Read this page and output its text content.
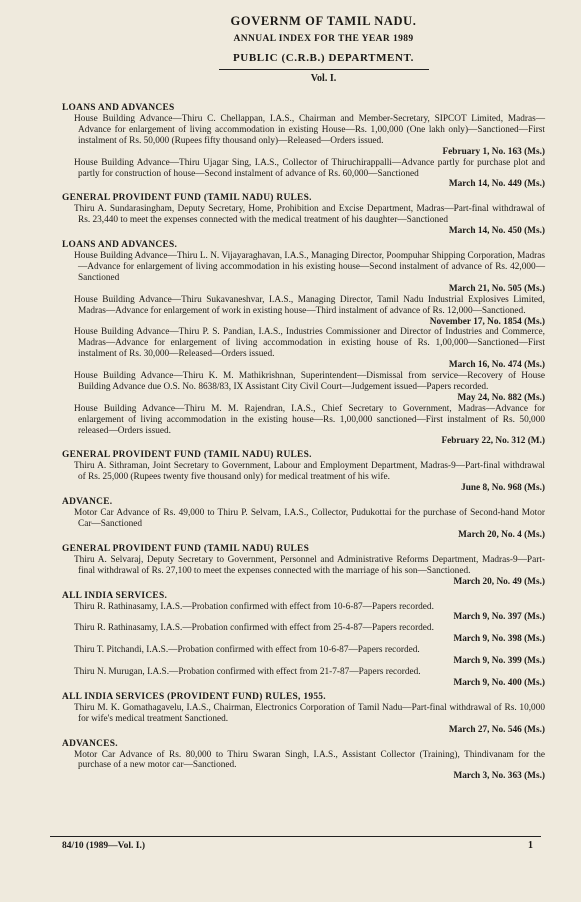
GOVERNM OF TAMIL NADU.
ANNUAL INDEX FOR THE YEAR 1989
PUBLIC (C.R.B.) DEPARTMENT.
Vol. I.
LOANS AND ADVANCES
House Building Advance—Thiru C. Chellappan, I.A.S., Chairman and Member-Secretary, SIPCOT Limited, Madras—Advance for enlargement of living accommodation in existing House—Rs. 1,00,000 (One lakh only)—Sanctioned—First instalment of Rs. 50,000 (Rupees fifty thousand only)—Released—Orders issued.
February 1, No. 163 (Ms.)
House Building Advance—Thiru Ujagar Sing, I.A.S., Collector of Thiruchirappalli—Advance partly for purchase plot and partly for construction of house—Second instalment of advance of Rs. 60,000—Sanctioned
March 14, No. 449 (Ms.)
GENERAL PROVIDENT FUND (TAMIL NADU) RULES.
Thiru A. Sundarasingham, Deputy Secretary, Home, Prohibition and Excise Department, Madras—Part-final withdrawal of Rs. 23,440 to meet the expenses connected with the medical treatment of his daughter—Sanctioned
March 14, No. 450 (Ms.)
LOANS AND ADVANCES.
House Building Advance—Thiru L. N. Vijayaraghavan, I.A.S., Managing Director, Poompuhar Shipping Corporation, Madras—Advance for enlargement of living accommodation in his existing house—Second instalment of advance of Rs. 42,000—Sanctioned
March 21, No. 505 (Ms.)
House Building Advance—Thiru Sukavaneshvar, I.A.S., Managing Director, Tamil Nadu Industrial Explosives Limited, Madras—Advance for enlargement of work in existing house—Third instalment of advance of Rs. 12,000—Sanctioned.
November 17, No. 1854 (Ms.)
House Building Advance—Thiru P. S. Pandian, I.A.S., Industries Commissioner and Director of Industries and Commerce, Madras—Advance for enlargement of living accommodation in existing house of Rs. 1,00,000—Sanctioned—First instalment of Rs. 30,000—Released—Orders issued.
March 16, No. 474 (Ms.)
House Building Advance—Thiru K. M. Mathikrishnan, Superintendent—Dismissal from service—Recovery of House Building Advance due O.S. No. 8638/83, IX Assistant City Civil Court—Judgement issued—Papers recorded.
May 24, No. 882 (Ms.)
House Building Advance—Thiru M. M. Rajendran, I.A.S., Chief Secretary to Government, Madras—Advance for enlargement of living accommodation in the existing house—Rs. 1,00,000 sanctioned—First instalment of Rs. 50,000 released—Orders issued.
February 22, No. 312 (M.)
GENERAL PROVIDENT FUND (TAMIL NADU) RULES.
Thiru A. Sithraman, Joint Secretary to Government, Labour and Employment Department, Madras-9—Part-final withdrawal of Rs. 25,000 (Rupees twenty five thousand only) for medical treatment of his wife.
June 8, No. 968 (Ms.)
ADVANCE.
Motor Car Advance of Rs. 49,000 to Thiru P. Selvam, I.A.S., Collector, Pudukottai for the purchase of Second-hand Motor Car—Sanctioned
March 20, No. 4 (Ms.)
GENERAL PROVIDENT FUND (TAMIL NADU) RULES
Thiru A. Selvaraj, Deputy Secretary to Government, Personnel and Administrative Reforms Department, Madras-9—Part-final withdrawal of Rs. 27,100 to meet the expenses connected with the marriage of his son—Sanctioned.
March 20, No. 49 (Ms.)
ALL INDIA SERVICES.
Thiru R. Rathinasamy, I.A.S.—Probation confirmed with effect from 10-6-87—Papers recorded.
March 9, No. 397 (Ms.)
Thiru R. Rathinasamy, I.A.S.—Probation confirmed with effect from 25-4-87—Papers recorded.
March 9, No. 398 (Ms.)
Thiru T. Pitchandi, I.A.S.—Probation confirmed with effect from 10-6-87—Papers recorded.
March 9, No. 399 (Ms.)
Thiru N. Murugan, I.A.S.—Probation confirmed with effect from 21-7-87—Papers recorded.
March 9, No. 400 (Ms.)
ALL INDIA SERVICES (PROVIDENT FUND) RULES, 1955.
Thiru M. K. Gomathagavelu, I.A.S., Chairman, Electronics Corporation of Tamil Nadu—Part-final withdrawal of Rs. 10,000 for wife's medical treatment Sanctioned.
March 27, No. 546 (Ms.)
ADVANCES.
Motor Car Advance of Rs. 80,000 to Thiru Swaran Singh, I.A.S., Assistant Collector (Training), Thindivanam for the purchase of a new motor car—Sanctioned.
March 3, No. 363 (Ms.)
84/10 (1989—Vol. I.)	1
